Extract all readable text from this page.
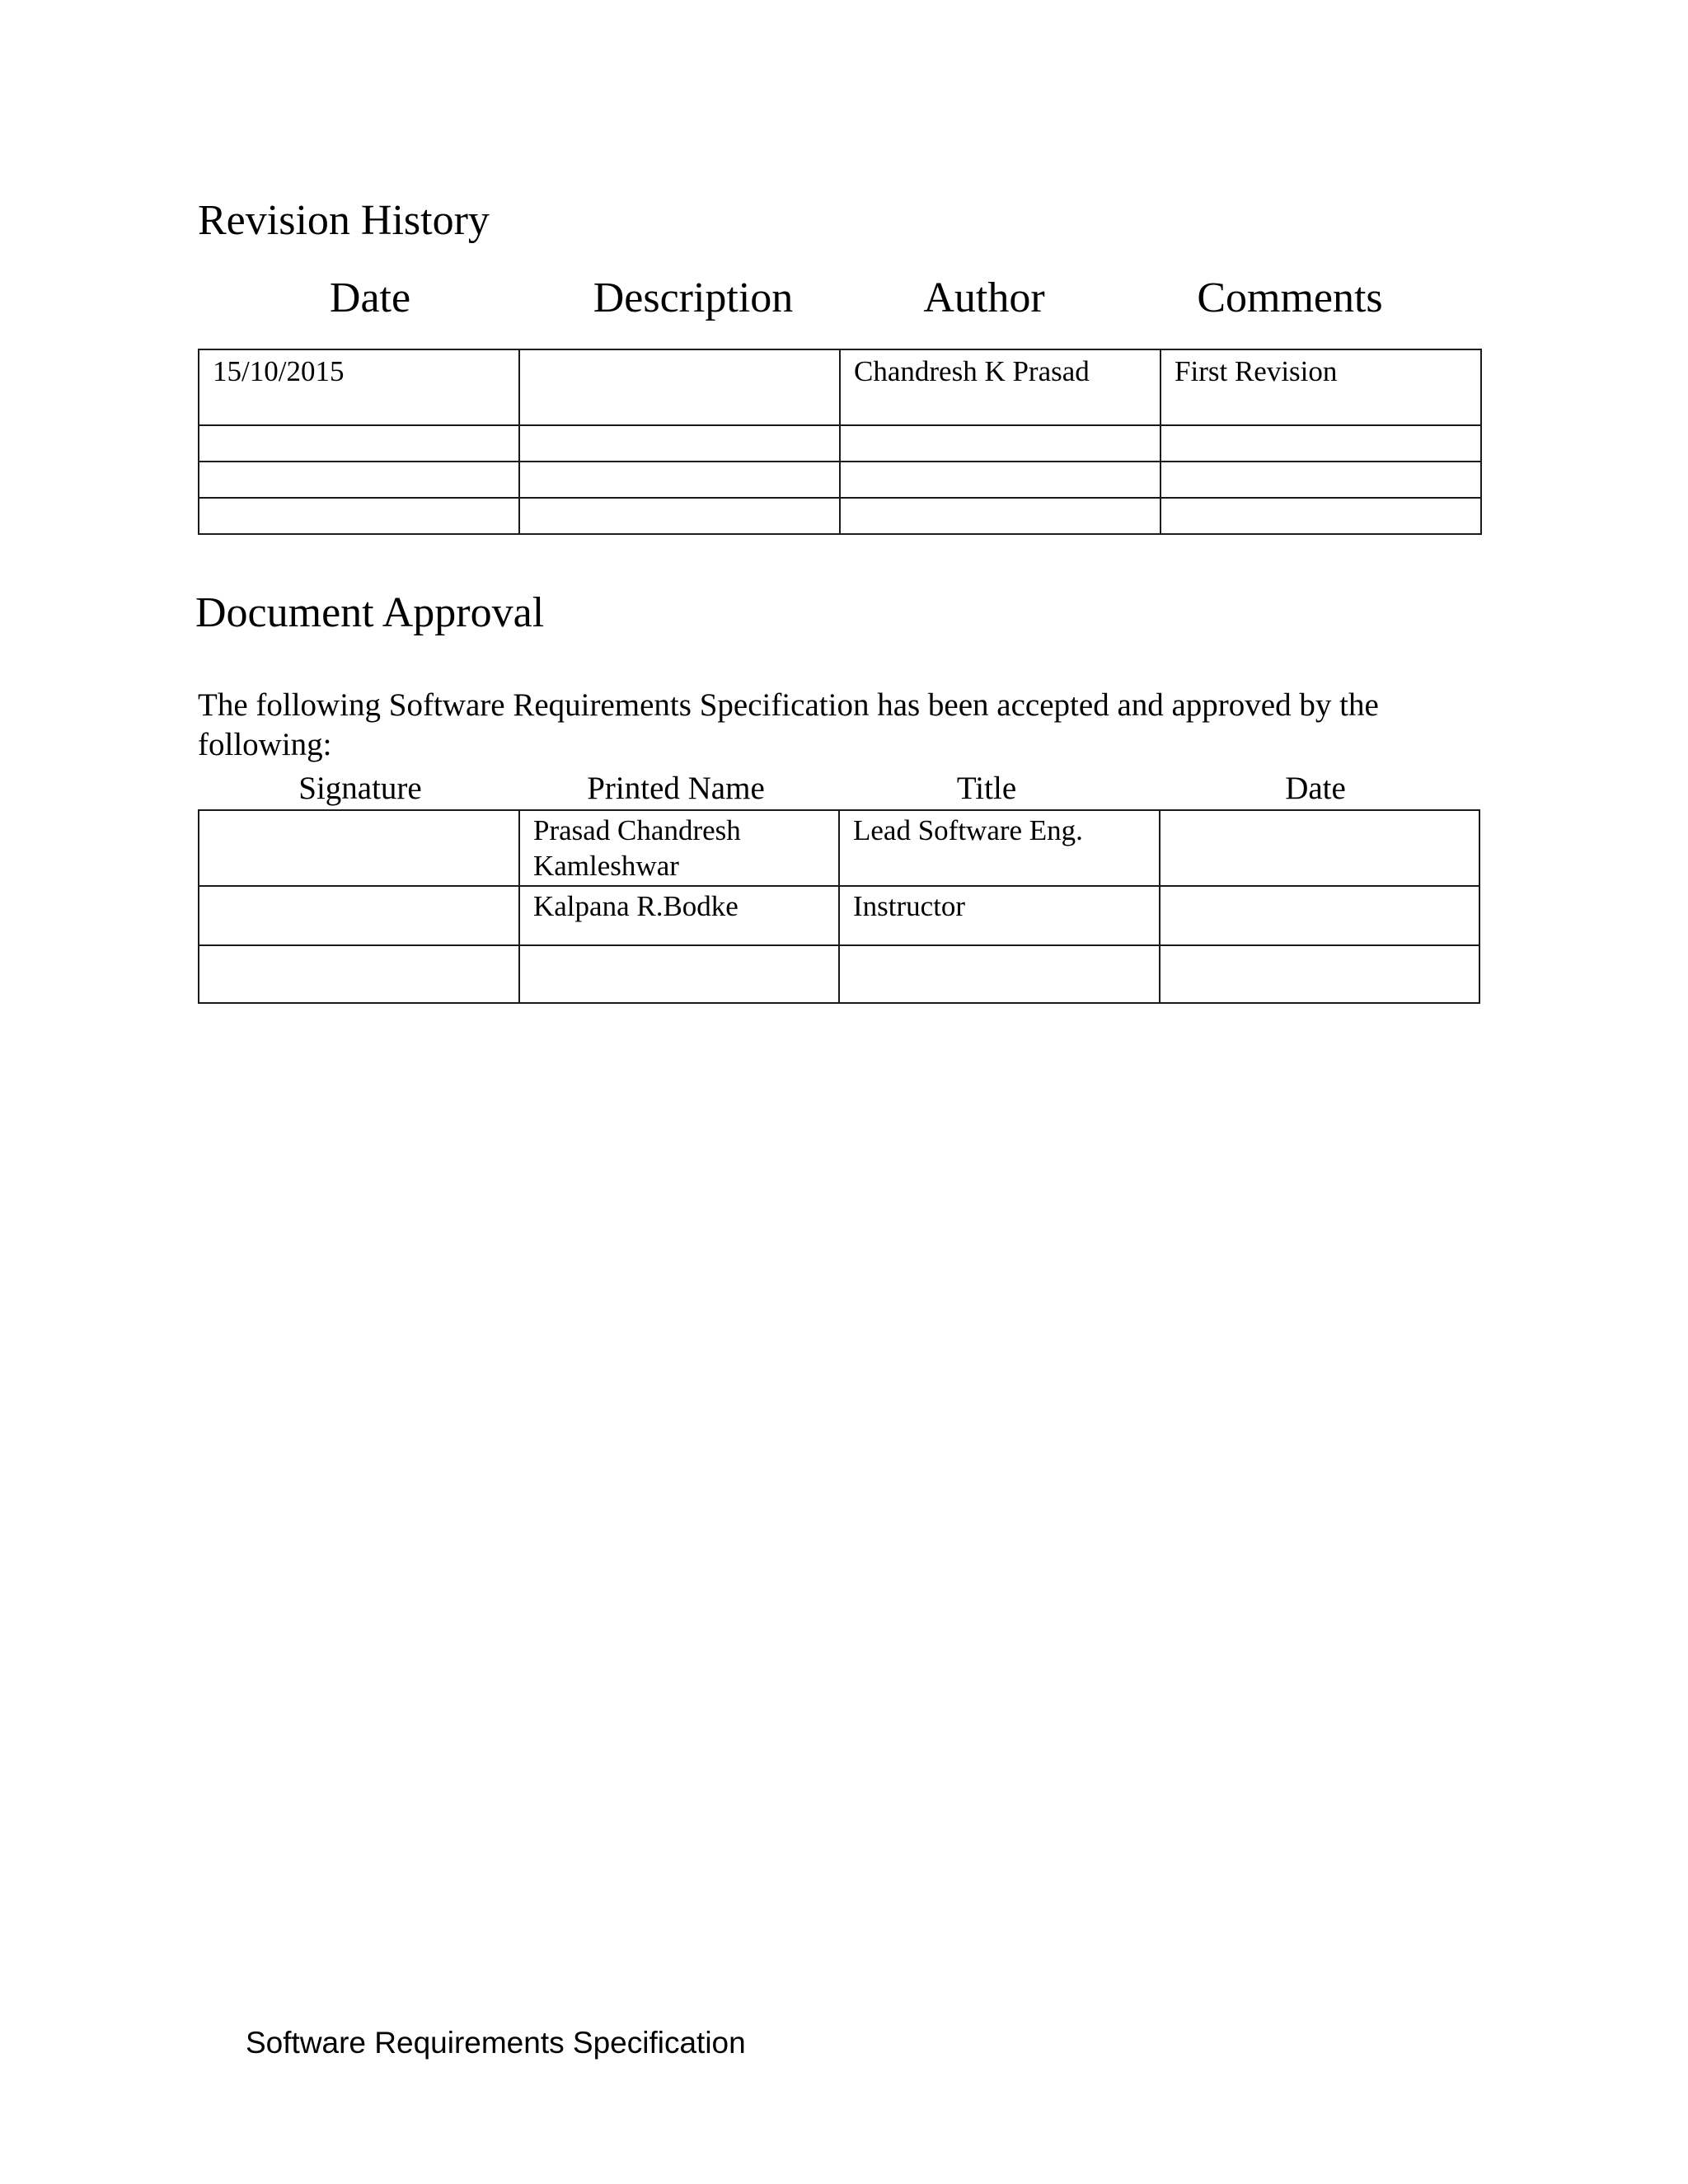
Revision History
Date	Description	Author	Comments
15/10/2015		Chandresh K Prasad	First Revision

Document Approval
The following Software Requirements Specification has been accepted and approved by the following:
Signature	Printed Name	Title	Date

	Prasad Chandresh Kamleshwar	Lead Software Eng.	
	Kalpana R.Bodke	Instructor	

Software Requirements Specification
